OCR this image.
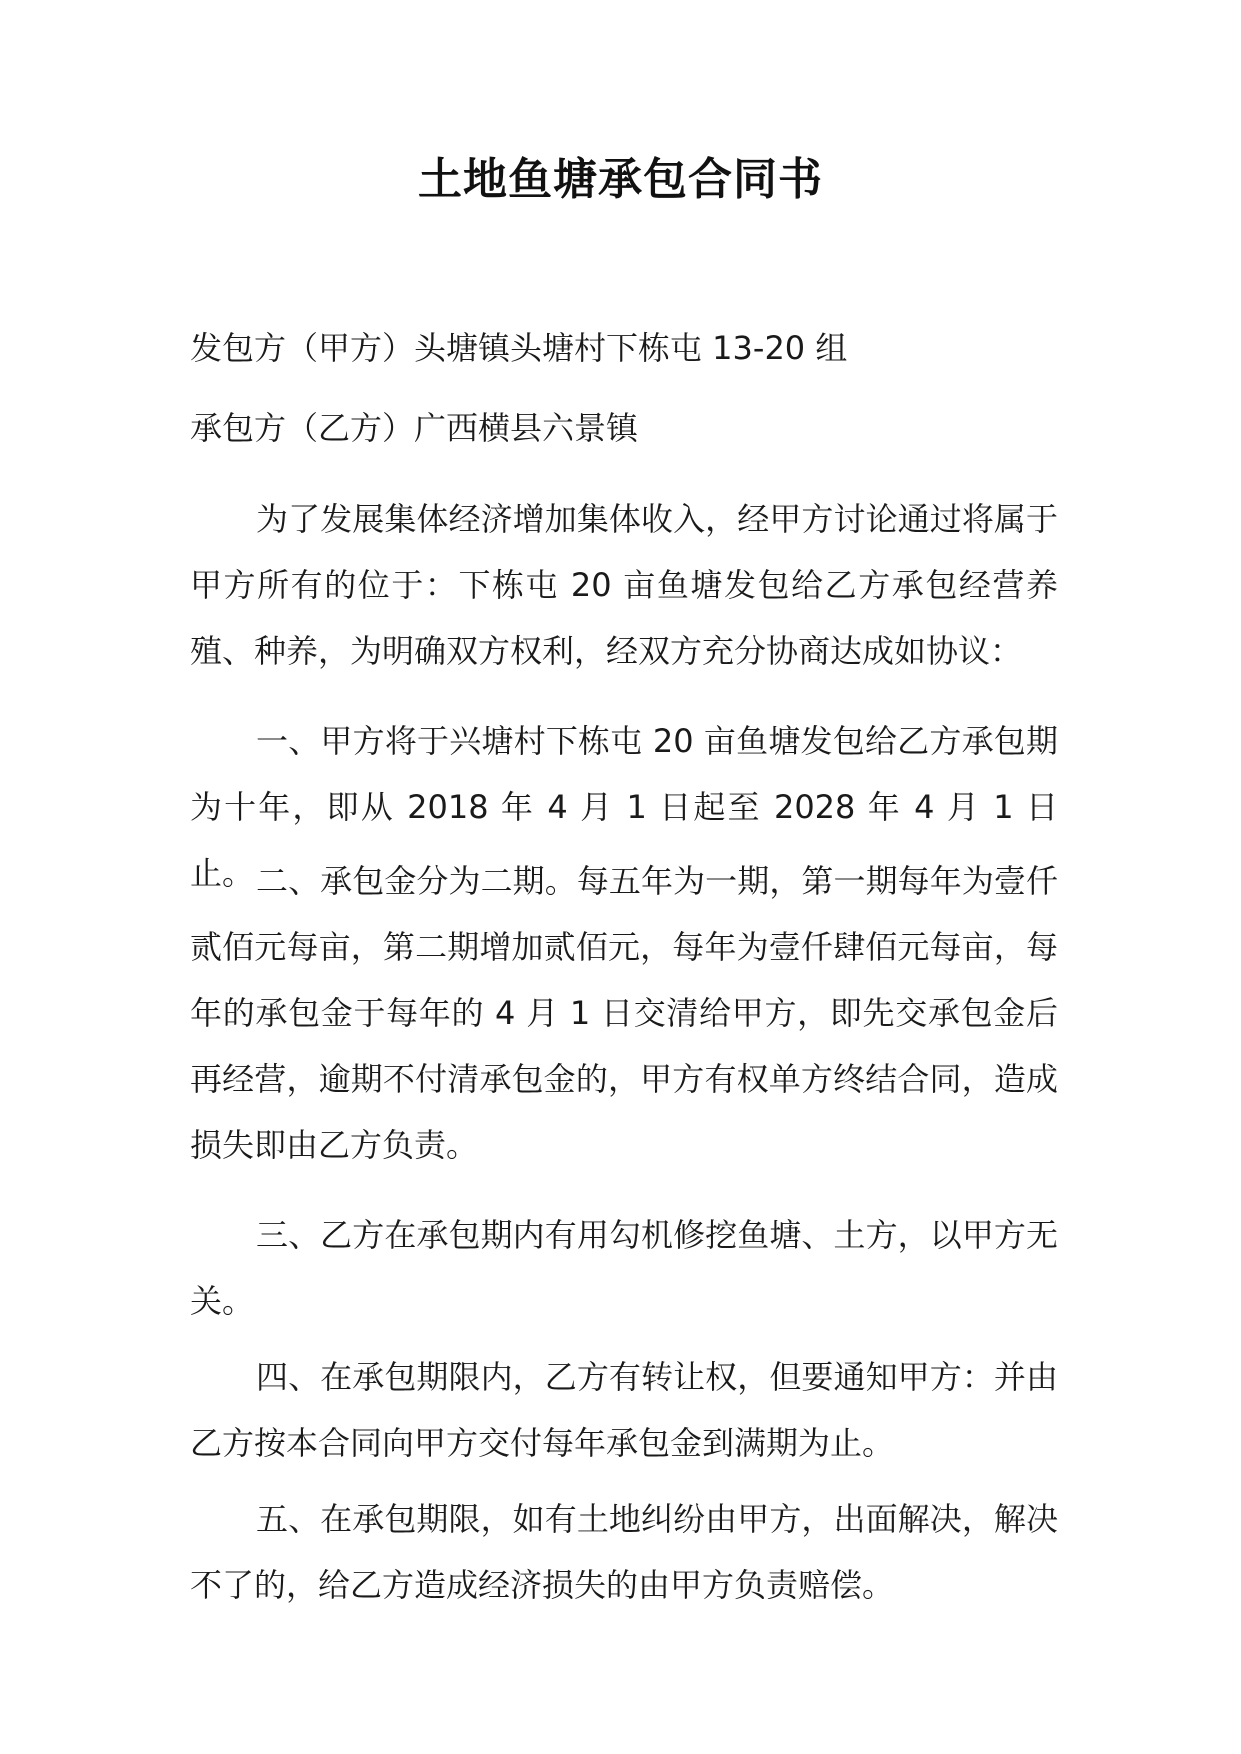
土地鱼塘承包合同书
发包方（甲方）头塘镇头塘村下栋屯 13-20 组
承包方（乙方）广西横县六景镇

为了发展集体经济增加集体收入，经甲方讨论通过将属于甲方所有的位于：下栋屯 20 亩鱼塘发包给乙方承包经营养殖、种养，为明确双方权利，经双方充分协商达成如协议：

一、甲方将于兴塘村下栋屯 20 亩鱼塘发包给乙方承包期为十年，即从 2018 年 4 月 1 日起至 2028 年 4 月 1 日止。 二、承包金分为二期。每五年为一期，第一期每年为壹仟贰佰元每亩，第二期增加贰佰元，每年为壹仟肆佰元每亩，每年的承包金于每年的 4 月 1 日交清给甲方，即先交承包金后再经营，逾期不付清承包金的，甲方有权单方终结合同，造成损失即由乙方负责。

三、乙方在承包期内有用勾机修挖鱼塘、土方，以甲方无关。

四、在承包期限内，乙方有转让权，但要通知甲方：并由乙方按本合同向甲方交付每年承包金到满期为止。

五、在承包期限，如有土地纠纷由甲方，出面解决，解决不了的，给乙方造成经济损失的由甲方负责赔偿。
